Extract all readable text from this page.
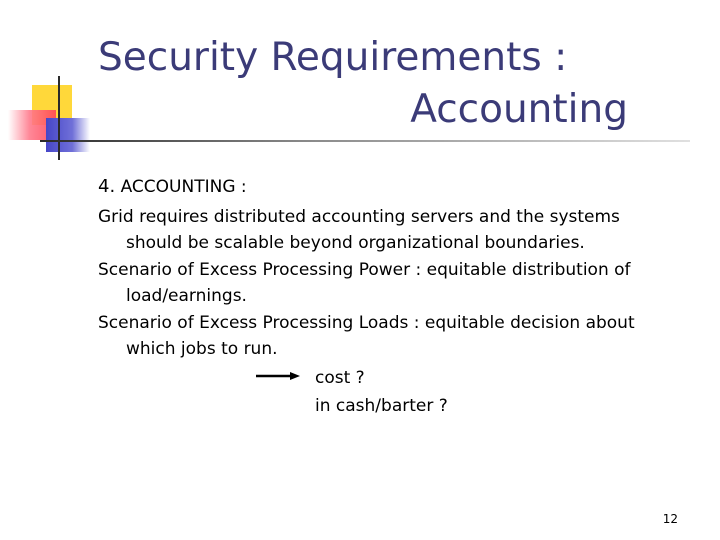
Security Requirements :
Accounting
4. ACCOUNTING :

Grid requires distributed accounting servers and the systems should be scalable beyond organizational boundaries.

Scenario of Excess Processing Power : equitable distribution of load/earnings.

Scenario of Excess Processing Loads : equitable decision about which jobs to run.

cost ?
in cash/barter ?
12
